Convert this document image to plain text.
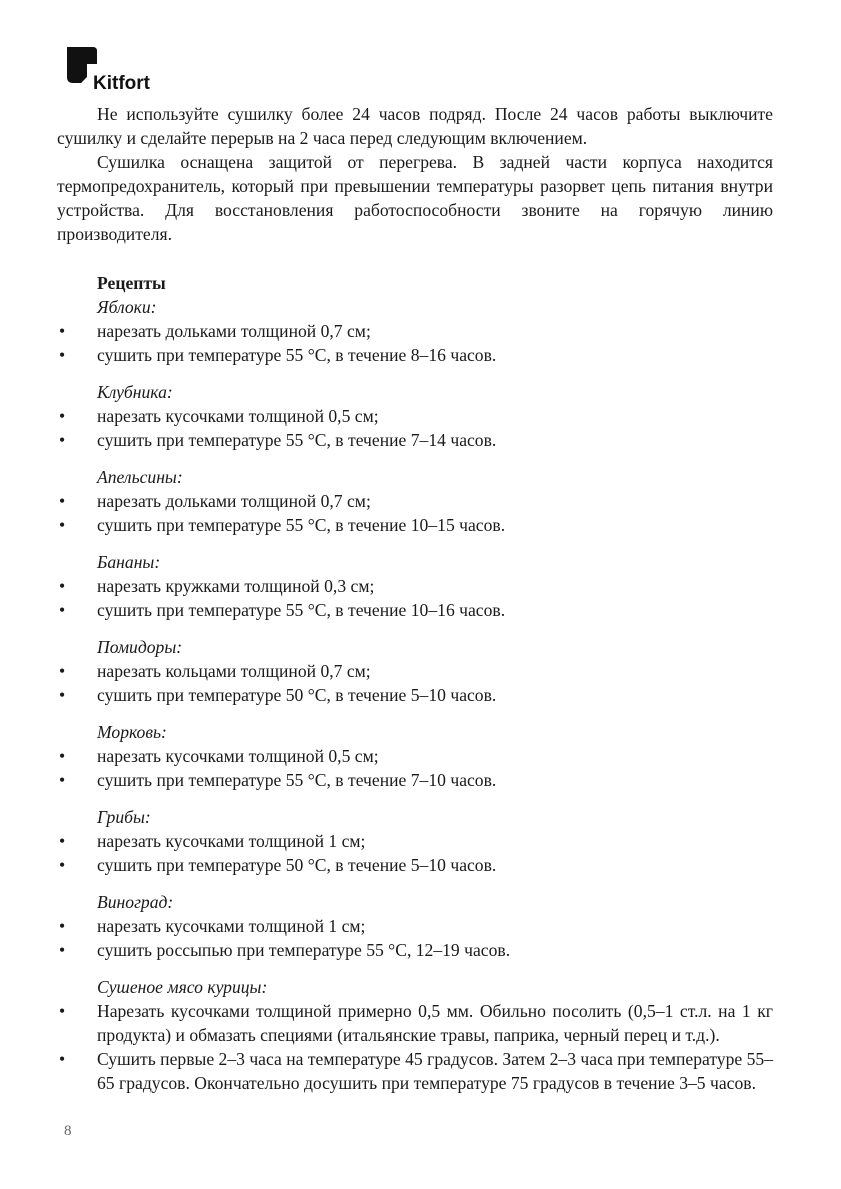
Kitfort

Не используйте сушилку более 24 часов подряд. После 24 часов работы выключите сушилку и сделайте перерыв на 2 часа перед следующим включением.

Сушилка оснащена защитой от перегрева. В задней части корпуса находится термопредохранитель, который при превышении температуры разорвет цепь питания внутри устройства. Для восстановления работоспособности звоните на горячую линию производителя.

Рецепты
Яблоки:
• нарезать дольками толщиной 0,7 см;
• сушить при температуре 55 °С, в течение 8–16 часов.
Клубника:
• нарезать кусочками толщиной 0,5 см;
• сушить при температуре 55 °С, в течение 7–14 часов.
Апельсины:
• нарезать дольками толщиной 0,7 см;
• сушить при температуре 55 °С, в течение 10–15 часов.
Бананы:
• нарезать кружками толщиной 0,3 см;
• сушить при температуре 55 °С, в течение 10–16 часов.
Помидоры:
• нарезать кольцами толщиной 0,7 см;
• сушить при температуре 50 °С, в течение 5–10 часов.
Морковь:
• нарезать кусочками толщиной 0,5 см;
• сушить при температуре 55 °С, в течение 7–10 часов.
Грибы:
• нарезать кусочками толщиной 1 см;
• сушить при температуре 50 °С, в течение 5–10 часов.
Виноград:
• нарезать кусочками толщиной 1 см;
• сушить россыпью при температуре 55 °С, 12–19 часов.
Сушеное мясо курицы:
• Нарезать кусочками толщиной примерно 0,5 мм. Обильно посолить (0,5–1 ст.л. на 1 кг продукта) и обмазать специями (итальянские травы, паприка, черный перец и т.д.).
• Сушить первые 2–3 часа на температуре 45 градусов. Затем 2–3 часа при температуре 55–65 градусов. Окончательно досушить при температуре 75 градусов в течение 3–5 часов.
8
